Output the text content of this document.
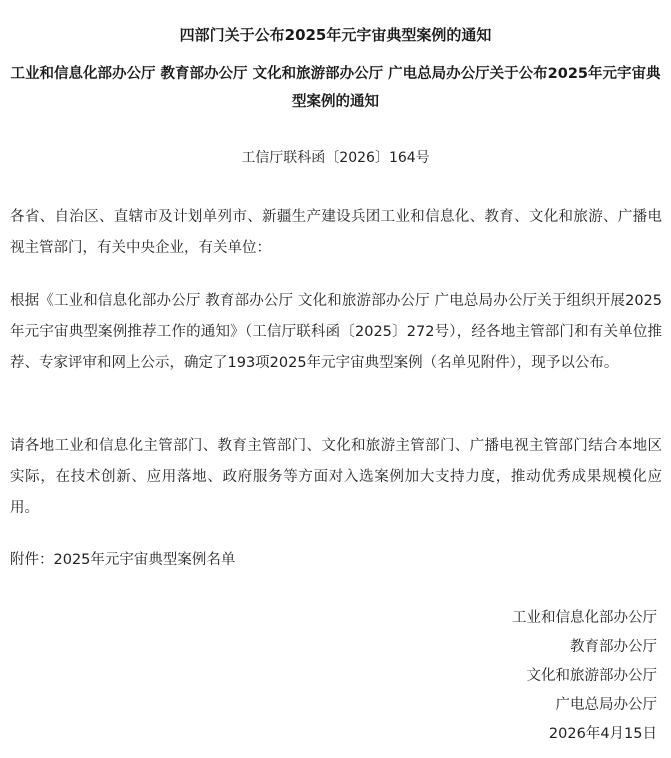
四部门关于公布2025年元宇宙典型案例的通知
工业和信息化部办公厅 教育部办公厅 文化和旅游部办公厅 广电总局办公厅关于公布2025年元宇宙典型案例的通知
工信厅联科函〔2026〕164号
各省、自治区、直辖市及计划单列市、新疆生产建设兵团工业和信息化、教育、文化和旅游、广播电视主管部门，有关中央企业，有关单位：
根据《工业和信息化部办公厅 教育部办公厅 文化和旅游部办公厅 广电总局办公厅关于组织开展2025年元宇宙典型案例推荐工作的通知》（工信厅联科函〔2025〕272号），经各地主管部门和有关单位推荐、专家评审和网上公示，确定了193项2025年元宇宙典型案例（名单见附件），现予以公布。
请各地工业和信息化主管部门、教育主管部门、文化和旅游主管部门、广播电视主管部门结合本地区实际，在技术创新、应用落地、政府服务等方面对入选案例加大支持力度，推动优秀成果规模化应用。
附件：2025年元宇宙典型案例名单
工业和信息化部办公厅
教育部办公厅
文化和旅游部办公厅
广电总局办公厅
2026年4月15日
